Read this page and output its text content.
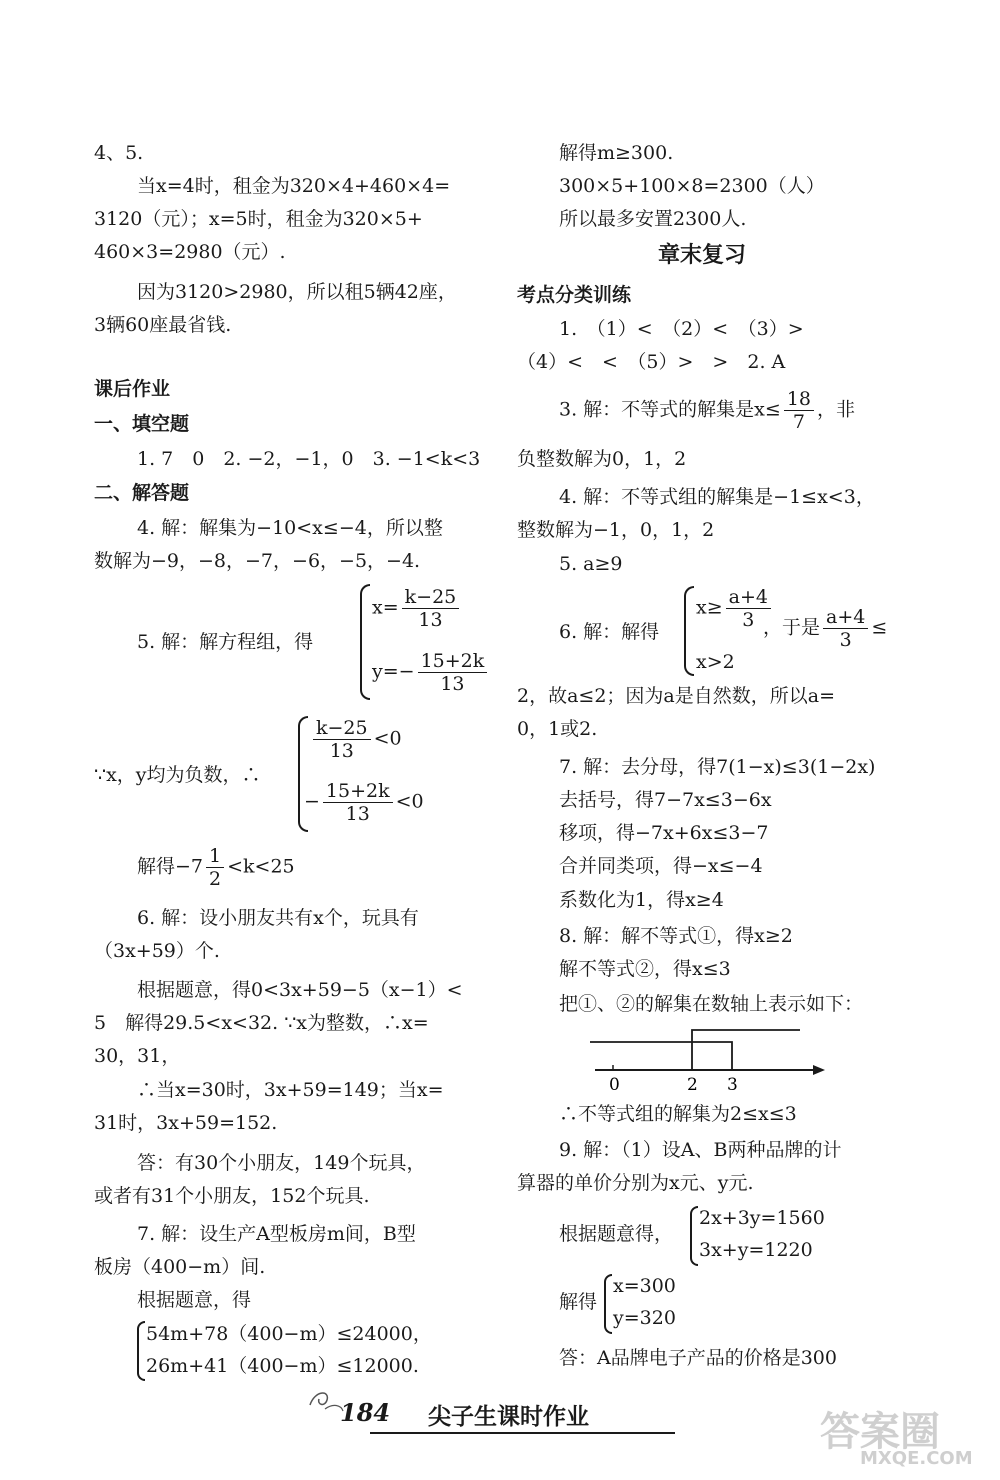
4、5.
当x=4时，租金为320×4+460×4=
3120（元）；x=5时，租金为320×5+
460×3=2980（元）.
因为3120>2980，所以租5辆42座，
3辆60座最省钱.
课后作业
一、填空题
1. 7　0　2. −2，−1，0　3. −1<k<3
二、解答题
4. 解：解集为−10<x≤−4，所以整
数解为−9，−8，−7，−6，−5，−4.
5. 解：解方程组，得
$x= \frac{k-25}{13}$
$y=- \frac{15+2k}{13}$
∵x，y均为负数，∴
$\frac{k-25}{13} <0$
− $\frac{15+2k}{13} <0$
解得$-7 \frac{1}{2} <k<25$
6. 解：设小朋友共有x个，玩具有
（3x+59）个.
根据题意，得0<3x+59−5（x−1）<
5　解得29.5<x<32. ∵x为整数，∴x=
30，31，
∴当x=30时，3x+59=149；当x=
31时，3x+59=152.
答：有30个小朋友，149个玩具，
或者有31个小朋友，152个玩具.
7. 解：设生产A型板房m间，B型
板房（400−m）间.
根据题意，得
54m+78（400−m）≤24000，
26m+41（400−m）≤12000.
解得m≥300.
300×5+100×8=2300（人）
所以最多安置2300人.
章末复习
考点分类训练
1.　（1）<　（2）<　（3）>
（4）<　<　（5）>　>　2. A
3. 解：不等式的解集是$x\le \frac{18}{7}$ ，非
负整数解为0，1，2
4. 解：不等式组的解集是−1≤x<3，
整数解为−1，0，1，2
5. a≥9
6. 解：解得
$x\ge \frac{a+4}{3}$
x>2
，于是 $\frac{a+4}{3}$ ≤
2，故a≤2；因为a是自然数，所以a=
0，1或2.
7. 解：去分母，得7(1−x)≤3(1−2x)
去括号，得7−7x≤3−6x
移项，得−7x+6x≤3−7
合并同类项，得−x≤−4
系数化为1，得x≥4
8. 解：解不等式①，得x≥2
解不等式②，得x≤3
把①、②的解集在数轴上表示如下：
0	2 3
∴不等式组的解集为2≤x≤3
9. 解：（1）设A、B两种品牌的计
算器的单价分别为x元、y元.
根据题意得，
2x+3y=1560
3x+y=1220
解得
x=300
y=320
答：A品牌电子产品的价格是300
184 尖子生课时作业	答案圈
MXQE.COM
